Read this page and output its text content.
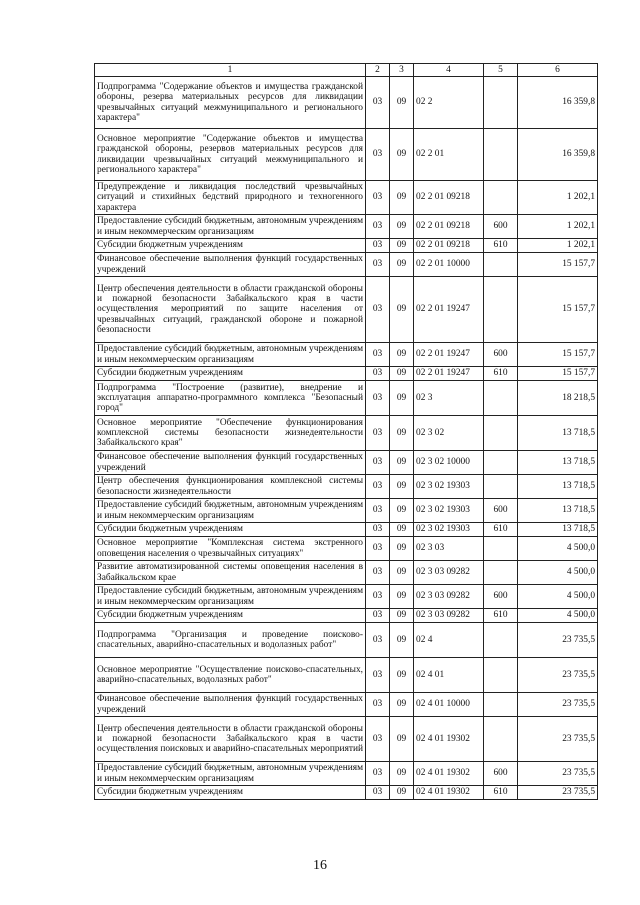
1	2	3	4	5	6
Подпрограмма "Содержание объектов и имущества гражданской обороны, резерва материальных ресурсов для ликвидации чрезвычайных ситуаций межмуниципального и регионального характера"	03	09	02 2		16 359,8
Основное мероприятие "Содержание объектов и имущества гражданской обороны, резервов материальных ресурсов для ликвидации чрезвычайных ситуаций межмуниципального и регионального характера"	03	09	02 2 01		16 359,8
Предупреждение и ликвидация последствий чрезвычайных ситуаций и стихийных бедствий природного и техногенного характера	03	09	02 2 01 09218		1 202,1
Предоставление субсидий бюджетным, автономным учреждениям и иным некоммерческим организациям	03	09	02 2 01 09218	600	1 202,1
Субсидии бюджетным учреждениям	03	09	02 2 01 09218	610	1 202,1
Финансовое обеспечение выполнения функций государственных учреждений	03	09	02 2 01 10000		15 157,7
Центр обеспечения деятельности в области гражданской обороны и пожарной безопасности Забайкальского края в части осуществления мероприятий по защите населения от чрезвычайных ситуаций, гражданской обороне и пожарной безопасности	03	09	02 2 01 19247		15 157,7
Предоставление субсидий бюджетным, автономным учреждениям и иным некоммерческим организациям	03	09	02 2 01 19247	600	15 157,7
Субсидии бюджетным учреждениям	03	09	02 2 01 19247	610	15 157,7
Подпрограмма "Построение (развитие), внедрение и эксплуатация аппаратно-программного комплекса "Безопасный город"	03	09	02 3		18 218,5
Основное мероприятие "Обеспечение функционирования комплексной системы безопасности жизнедеятельности Забайкальского края"	03	09	02 3 02		13 718,5
Финансовое обеспечение выполнения функций государственных учреждений	03	09	02 3 02 10000		13 718,5
Центр обеспечения функционирования комплексной системы безопасности жизнедеятельности	03	09	02 3 02 19303		13 718,5
Предоставление субсидий бюджетным, автономным учреждениям и иным некоммерческим организациям	03	09	02 3 02 19303	600	13 718,5
Субсидии бюджетным учреждениям	03	09	02 3 02 19303	610	13 718,5
Основное мероприятие "Комплексная система экстренного оповещения населения о чрезвычайных ситуациях"	03	09	02 3 03		4 500,0
Развитие автоматизированной системы оповещения населения в Забайкальском крае	03	09	02 3 03 09282		4 500,0
Предоставление субсидий бюджетным, автономным учреждениям и иным некоммерческим организациям	03	09	02 3 03 09282	600	4 500,0
Субсидии бюджетным учреждениям	03	09	02 3 03 09282	610	4 500,0
Подпрограмма "Организация и проведение поисково-спасательных, аварийно-спасательных и водолазных работ"	03	09	02 4		23 735,5
Основное мероприятие "Осуществление поисково-спасательных, аварийно-спасательных, водолазных работ"	03	09	02 4 01		23 735,5
Финансовое обеспечение выполнения функций государственных учреждений	03	09	02 4 01 10000		23 735,5
Центр обеспечения деятельности в области гражданской обороны и пожарной безопасности Забайкальского края в части осуществления поисковых и аварийно-спасательных мероприятий	03	09	02 4 01 19302		23 735,5
Предоставление субсидий бюджетным, автономным учреждениям и иным некоммерческим организациям	03	09	02 4 01 19302	600	23 735,5
Субсидии бюджетным учреждениям	03	09	02 4 01 19302	610	23 735,5
16
